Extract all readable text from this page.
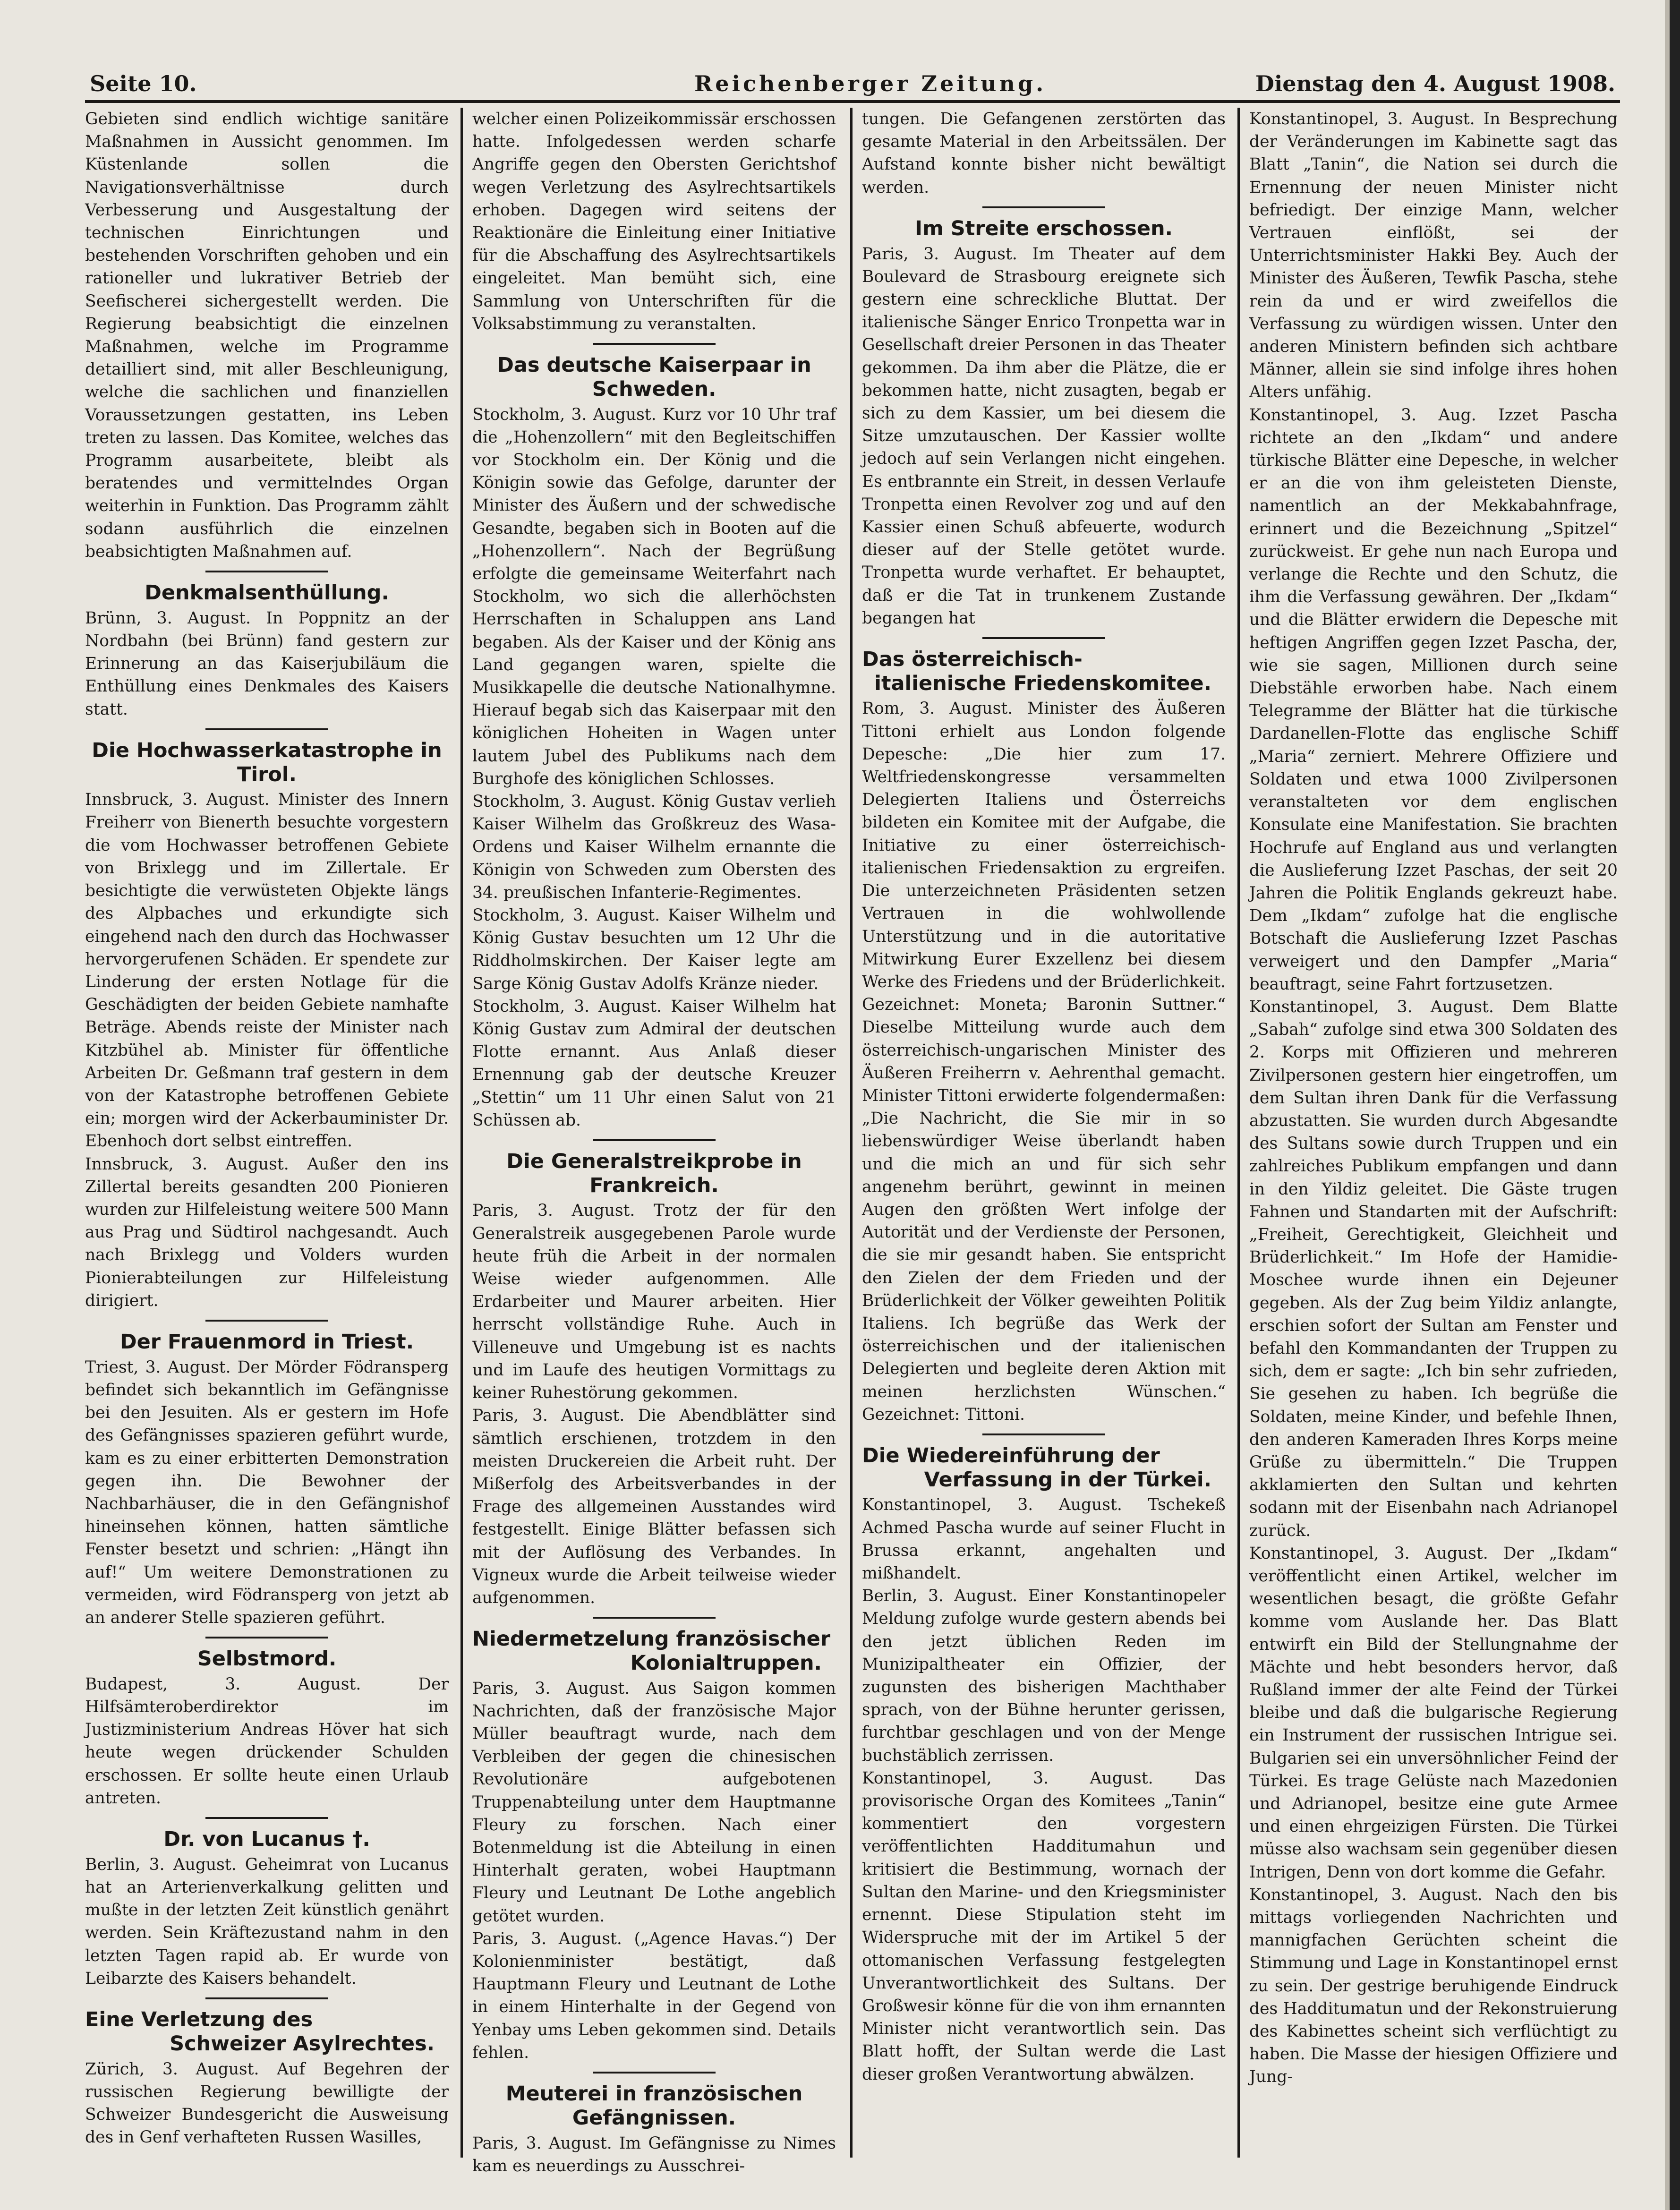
Seite 10.	Reichenberger Zeitung.	Dienstag den 4. August 1908.

Gebieten sind endlich wichtige sanitäre Maßnahmen in Aussicht genommen. Im Küstenlande sollen die Navigationsverhältnisse durch Verbesserung und Ausgestaltung der technischen Einrichtungen und bestehenden Vorschriften gehoben und ein rationeller und lukrativer Betrieb der Seefischerei sichergestellt werden. Die Regierung beabsichtigt die einzelnen Maßnahmen, welche im Programme detailliert sind, mit aller Beschleunigung, welche die sachlichen und finanziellen Voraussetzungen gestatten, ins Leben treten zu lassen. Das Komitee, welches das Programm ausarbeitete, bleibt als beratendes und vermittelndes Organ weiterhin in Funktion. Das Programm zählt sodann ausführlich die einzelnen beabsichtigten Maßnahmen auf.

Denkmalsenthüllung.

Brünn, 3. August. In Poppnitz an der Nordbahn (bei Brünn) fand gestern zur Erinnerung an das Kaiserjubiläum die Enthüllung eines Denkmales des Kaisers statt.

Die Hochwasserkatastrophe in Tirol.

Innsbruck, 3. August. Minister des Innern Freiherr von Bienerth besuchte vorgestern die vom Hochwasser betroffenen Gebiete von Brixlegg und im Zillertale. Er besichtigte die verwüsteten Objekte längs des Alpbaches und erkundigte sich eingehend nach den durch das Hochwasser hervorgerufenen Schäden. Er spendete zur Linderung der ersten Notlage für die Geschädigten der beiden Gebiete namhafte Beträge. Abends reiste der Minister nach Kitzbühel ab. Minister für öffentliche Arbeiten Dr. Geßmann traf gestern in dem von der Katastrophe betroffenen Gebiete ein; morgen wird der Ackerbauminister Dr. Ebenhoch dort selbst eintreffen.

Innsbruck, 3. August. Außer den ins Zillertal bereits gesandten 200 Pionieren wurden zur Hilfeleistung weitere 500 Mann aus Prag und Südtirol nachgesandt. Auch nach Brixlegg und Volders wurden Pionierabteilungen zur Hilfeleistung dirigiert.

Der Frauenmord in Triest.

Triest, 3. August. Der Mörder Födransperg befindet sich bekanntlich im Gefängnisse bei den Jesuiten. Als er gestern im Hofe des Gefängnisses spazieren geführt wurde, kam es zu einer erbitterten Demonstration gegen ihn. Die Bewohner der Nachbarhäuser, die in den Gefängnishof hineinsehen können, hatten sämtliche Fenster besetzt und schrien: „Hängt ihn auf!“ Um weitere Demonstrationen zu vermeiden, wird Födransperg von jetzt ab an anderer Stelle spazieren geführt.

Selbstmord.

Budapest, 3. August. Der Hilfsämterоberdirektor im Justizministerium Andreas Höver hat sich heute wegen drückender Schulden erschossen. Er sollte heute einen Urlaub antreten.

Dr. von Lucanus †.

Berlin, 3. August. Geheimrat von Lucanus hat an Arterienverkalkung gelitten und mußte in der letzten Zeit künstlich genährt werden. Sein Kräftezustand nahm in den letzten Tagen rapid ab. Er wurde von Leibarzte des Kaisers behandelt.

Eine Verletzung des
Schweizer Asylrechtes.

Zürich, 3. August. Auf Begehren der russischen Regierung bewilligte der Schweizer Bundesgericht die Ausweisung des in Genf verhafteten Russen Wasilles,

welcher einen Polizeikommissär erschossen hatte. Infolgedessen werden scharfe Angriffe gegen den Obersten Gerichtshof wegen Verletzung des Asylrechtsartikels erhoben. Dagegen wird seitens der Reaktionäre die Einleitung einer Initiative für die Abschaffung des Asylrechtsartikels eingeleitet. Man bemüht sich, eine Sammlung von Unterschriften für die Volksabstimmung zu veranstalten.

Das deutsche Kaiserpaar in Schweden.

Stockholm, 3. August. Kurz vor 10 Uhr traf die „Hohenzollern“ mit den Begleitschiffen vor Stockholm ein. Der König und die Königin sowie das Gefolge, darunter der Minister des Äußern und der schwedische Gesandte, begaben sich in Booten auf die „Hohenzollern“. Nach der Begrüßung erfolgte die gemeinsame Weiterfahrt nach Stockholm, wo sich die allerhöchsten Herrschaften in Schaluppen ans Land begaben. Als der Kaiser und der König ans Land gegangen waren, spielte die Musikkapelle die deutsche Nationalhymne. Hierauf begab sich das Kaiserpaar mit den königlichen Hoheiten in Wagen unter lautem Jubel des Publikums nach dem Burghofe des königlichen Schlosses.

Stockholm, 3. August. König Gustav verlieh Kaiser Wilhelm das Großkreuz des Wasa-Ordens und Kaiser Wilhelm ernannte die Königin von Schweden zum Obersten des 34. preußischen Infanterie-Regimentes.

Stockholm, 3. August. Kaiser Wilhelm und König Gustav besuchten um 12 Uhr die Riddholmskirchen. Der Kaiser legte am Sarge König Gustav Adolfs Kränze nieder.

Stockholm, 3. August. Kaiser Wilhelm hat König Gustav zum Admiral der deutschen Flotte ernannt. Aus Anlaß dieser Ernennung gab der deutsche Kreuzer „Stettin“ um 11 Uhr einen Salut von 21 Schüssen ab.

Die Generalstreikprobe in Frankreich.

Paris, 3. August. Trotz der für den Generalstreik ausgegebenen Parole wurde heute früh die Arbeit in der normalen Weise wieder aufgenommen. Alle Erdarbeiter und Maurer arbeiten. Hier herrscht vollständige Ruhe. Auch in Villeneuve und Umgebung ist es nachts und im Laufe des heutigen Vormittags zu keiner Ruhestörung gekommen.

Paris, 3. August. Die Abendblätter sind sämtlich erschienen, trotzdem in den meisten Druckereien die Arbeit ruht. Der Mißerfolg des Arbeitsverbandes in der Frage des allgemeinen Ausstandes wird festgestellt. Einige Blätter befassen sich mit der Auflösung des Verbandes. In Vigneux wurde die Arbeit teilweise wieder aufgenommen.

Niedermetzelung französischer
Kolonialtruppen.

Paris, 3. August. Aus Saigon kommen Nachrichten, daß der französische Major Müller beauftragt wurde, nach dem Verbleiben der gegen die chinesischen Revolutionäre aufgebotenen Truppenabteilung unter dem Hauptmanne Fleury zu forschen. Nach einer Botenmeldung ist die Abteilung in einen Hinterhalt geraten, wobei Hauptmann Fleury und Leutnant De Lothe angeblich getötet wurden.

Paris, 3. August. („Agence Havas.“) Der Kolonienminister bestätigt, daß Hauptmann Fleury und Leutnant de Lothe in einem Hinterhalte in der Gegend von Yenbay ums Leben gekommen sind. Details fehlen.

Meuterei in französischen Gefängnissen.

Paris, 3. August. Im Gefängnisse zu Nimes kam es neuerdings zu Ausschrei-

tungen. Die Gefangenen zerstörten das gesamte Material in den Arbeitssälen. Der Aufstand konnte bisher nicht bewältigt werden.

Im Streite erschossen.

Paris, 3. August. Im Theater auf dem Boulevard de Strasbourg ereignete sich gestern eine schreckliche Bluttat. Der italienische Sänger Enrico Tronpetta war in Gesellschaft dreier Personen in das Theater gekommen. Da ihm aber die Plätze, die er bekommen hatte, nicht zusagten, begab er sich zu dem Kassier, um bei diesem die Sitze umzutauschen. Der Kassier wollte jedoch auf sein Verlangen nicht eingehen. Es entbrannte ein Streit, in dessen Verlaufe Tronpetta einen Revolver zog und auf den Kassier einen Schuß abfeuerte, wodurch dieser auf der Stelle getötet wurde. Tronpetta wurde verhaftet. Er behauptet, daß er die Tat in trunkenem Zustande begangen hat

Das österreichisch-
italienische Friedenskomitee.

Rom, 3. August. Minister des Äußeren Tittoni erhielt aus London folgende Depesche: „Die hier zum 17. Weltfriedenskongresse versammelten Delegierten Italiens und Österreichs bildeten ein Komitee mit der Aufgabe, die Initiative zu einer österreichisch-italienischen Friedensaktion zu ergreifen. Die unterzeichneten Präsidenten setzen Vertrauen in die wohlwollende Unterstützung und in die autoritative Mitwirkung Eurer Exzellenz bei diesem Werke des Friedens und der Brüderlichkeit. Gezeichnet: Moneta; Baronin Suttner.“ Dieselbe Mitteilung wurde auch dem österreichisch-ungarischen Minister des Äußeren Freiherrn v. Aehrenthal gemacht. Minister Tittoni erwiderte folgendermaßen: „Die Nachricht, die Sie mir in so liebenswürdiger Weise überlandt haben und die mich an und für sich sehr angenehm berührt, gewinnt in meinen Augen den größten Wert infolge der Autorität und der Verdienste der Personen, die sie mir gesandt haben. Sie entspricht den Zielen der dem Frieden und der Brüderlichkeit der Völker geweihten Politik Italiens. Ich begrüße das Werk der österreichischen und der italienischen Delegierten und begleite deren Aktion mit meinen herzlichsten Wünschen.“ Gezeichnet: Tittoni.

Die Wiedereinführung der
Verfassung in der Türkei.

Konstantinopel, 3. August. Tschekeß Achmed Pascha wurde auf seiner Flucht in Brussa erkannt, angehalten und mißhandelt.

Berlin, 3. August. Einer Konstantinopeler Meldung zufolge wurde gestern abends bei den jetzt üblichen Reden im Munizipaltheater ein Offizier, der zugunsten des bisherigen Machthaber sprach, von der Bühne herunter gerissen, furchtbar geschlagen und von der Menge buchstäblich zerrissen.

Konstantinopel, 3. August. Das provisorische Organ des Komitees „Tanin“ kommentiert den vorgestern veröffentlichten Hadditumahun und kritisiert die Bestimmung, wornach der Sultan den Marine- und den Kriegsminister ernennt. Diese Stipulation steht im Widerspruche mit der im Artikel 5 der ottomanischen Verfassung festgelegten Unverantwortlichkeit des Sultans. Der Großwesir könne für die von ihm ernannten Minister nicht verantwortlich sein. Das Blatt hofft, der Sultan werde die Last dieser großen Verantwortung abwälzen.

Konstantinopel, 3. August. In Besprechung der Veränderungen im Kabinette sagt das Blatt „Tanin“, die Nation sei durch die Ernennung der neuen Minister nicht befriedigt. Der einzige Mann, welcher Vertrauen einflößt, sei der Unterrichtsminister Hakki Bey. Auch der Minister des Äußeren, Tewfik Pascha, stehe rein da und er wird zweifellos die Verfassung zu würdigen wissen. Unter den anderen Ministern befinden sich achtbare Männer, allein sie sind infolge ihres hohen Alters unfähig.

Konstantinopel, 3. Aug. Izzet Pascha richtete an den „Ikdam“ und andere türkische Blätter eine Depesche, in welcher er an die von ihm geleisteten Dienste, namentlich an der Mekkabahnfrage, erinnert und die Bezeichnung „Spitzel“ zurückweist. Er gehe nun nach Europa und verlange die Rechte und den Schutz, die ihm die Verfassung gewähren. Der „Ikdam“ und die Blätter erwidern die Depesche mit heftigen Angriffen gegen Izzet Pascha, der, wie sie sagen, Millionen durch seine Diebstähle erworben habe. Nach einem Telegramme der Blätter hat die türkische Dardanellen-Flotte das englische Schiff „Maria“ zerniert. Mehrere Offiziere und Soldaten und etwa 1000 Zivilpersonen veranstalteten vor dem englischen Konsulate eine Manifestation. Sie brachten Hochrufe auf England aus und verlangten die Auslieferung Izzet Paschas, der seit 20 Jahren die Politik Englands gekreuzt habe. Dem „Ikdam“ zufolge hat die englische Botschaft die Auslieferung Izzet Paschas verweigert und den Dampfer „Maria“ beauftragt, seine Fahrt fortzusetzen.

Konstantinopel, 3. August. Dem Blatte „Sabah“ zufolge sind etwa 300 Soldaten des 2. Korps mit Offizieren und mehreren Zivilpersonen gestern hier eingetroffen, um dem Sultan ihren Dank für die Verfassung abzustatten. Sie wurden durch Abgesandte des Sultans sowie durch Truppen und ein zahlreiches Publikum empfangen und dann in den Yildiz geleitet. Die Gäste trugen Fahnen und Standarten mit der Aufschrift: „Freiheit, Gerechtigkeit, Gleichheit und Brüderlichkeit.“ Im Hofe der Hamidie-Moschee wurde ihnen ein Dejeuner gegeben. Als der Zug beim Yildiz anlangte, erschien sofort der Sultan am Fenster und befahl den Kommandanten der Truppen zu sich, dem er sagte: „Ich bin sehr zufrieden, Sie gesehen zu haben. Ich begrüße die Soldaten, meine Kinder, und befehle Ihnen, den anderen Kameraden Ihres Korps meine Grüße zu übermitteln.“ Die Truppen akklamierten den Sultan und kehrten sodann mit der Eisenbahn nach Adrianopel zurück.

Konstantinopel, 3. August. Der „Ikdam“ veröffentlicht einen Artikel, welcher im wesentlichen besagt, die größte Gefahr komme vom Auslande her. Das Blatt entwirft ein Bild der Stellungnahme der Mächte und hebt besonders hervor, daß Rußland immer der alte Feind der Türkei bleibe und daß die bulgarische Regierung ein Instrument der russischen Intrigue sei. Bulgarien sei ein unversöhnlicher Feind der Türkei. Es trage Gelüste nach Mazedonien und Adrianopel, besitze eine gute Armee und einen ehrgeizigen Fürsten. Die Türkei müsse also wachsam sein gegenüber diesen Intrigen, Denn von dort komme die Gefahr.

Konstantinopel, 3. August. Nach den bis mittags vorliegenden Nachrichten und mannigfachen Gerüchten scheint die Stimmung und Lage in Konstantinopel ernst zu sein. Der gestrige beruhigende Eindruck des Hadditumatun und der Rekonstruierung des Kabinettes scheint sich verflüchtigt zu haben. Die Masse der hiesigen Offiziere und Jung-
